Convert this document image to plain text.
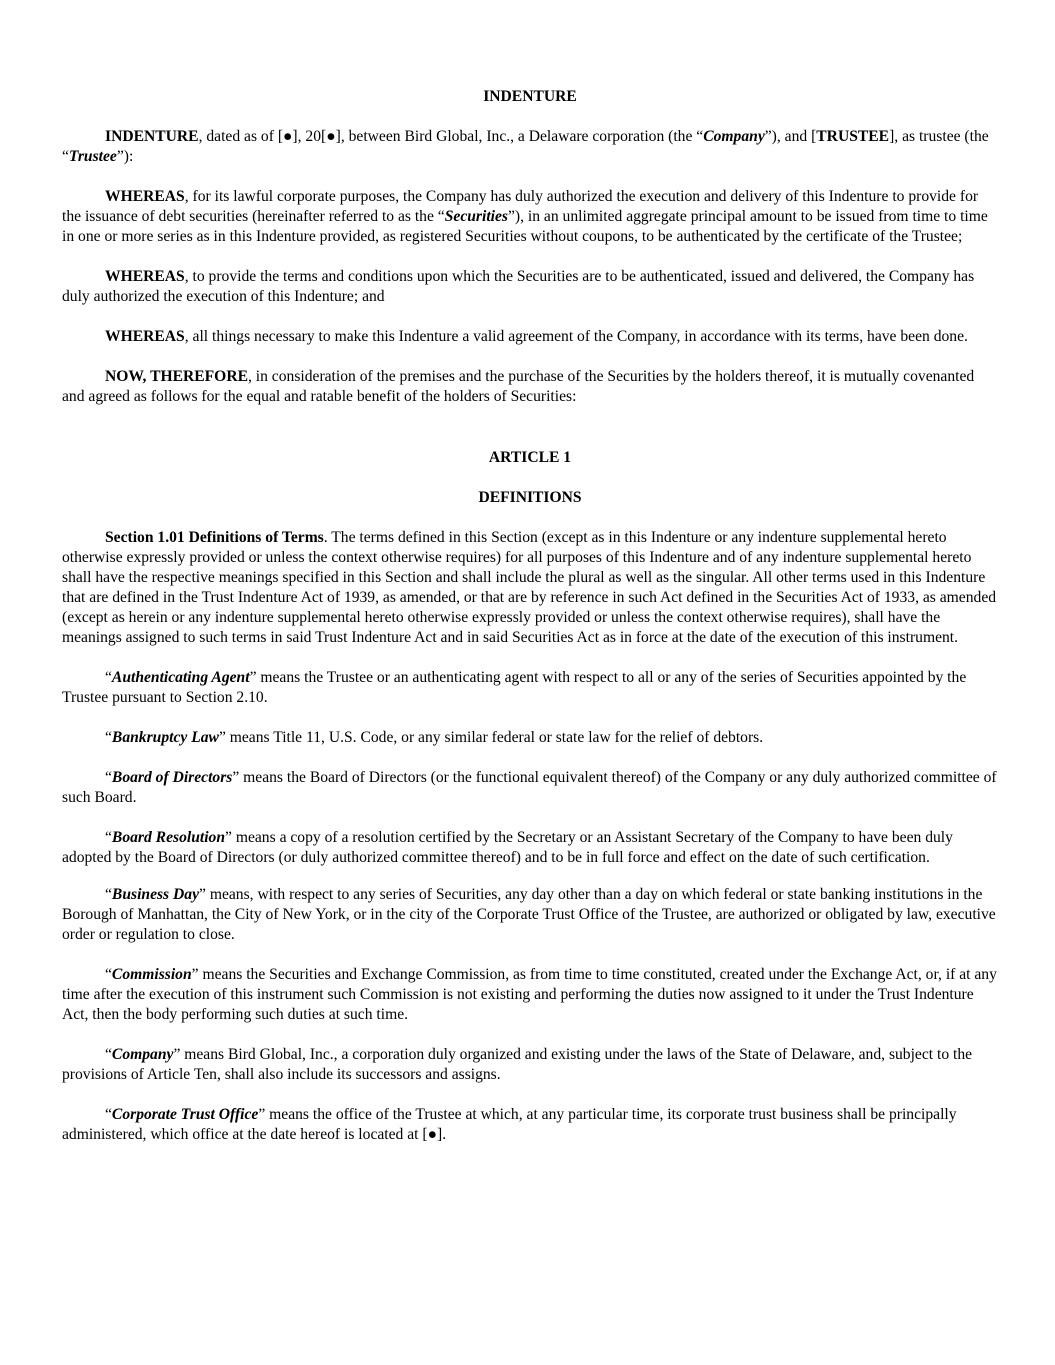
INDENTURE

INDENTURE, dated as of [●], 20[●], between Bird Global, Inc., a Delaware corporation (the “Company”), and [TRUSTEE], as trustee (the “Trustee”):

WHEREAS, for its lawful corporate purposes, the Company has duly authorized the execution and delivery of this Indenture to provide for the issuance of debt securities (hereinafter referred to as the “Securities”), in an unlimited aggregate principal amount to be issued from time to time in one or more series as in this Indenture provided, as registered Securities without coupons, to be authenticated by the certificate of the Trustee;

WHEREAS, to provide the terms and conditions upon which the Securities are to be authenticated, issued and delivered, the Company has duly authorized the execution of this Indenture; and

WHEREAS, all things necessary to make this Indenture a valid agreement of the Company, in accordance with its terms, have been done.

NOW, THEREFORE, in consideration of the premises and the purchase of the Securities by the holders thereof, it is mutually covenanted and agreed as follows for the equal and ratable benefit of the holders of Securities:

ARTICLE 1

DEFINITIONS

Section 1.01 Definitions of Terms. The terms defined in this Section (except as in this Indenture or any indenture supplemental hereto otherwise expressly provided or unless the context otherwise requires) for all purposes of this Indenture and of any indenture supplemental hereto shall have the respective meanings specified in this Section and shall include the plural as well as the singular. All other terms used in this Indenture that are defined in the Trust Indenture Act of 1939, as amended, or that are by reference in such Act defined in the Securities Act of 1933, as amended (except as herein or any indenture supplemental hereto otherwise expressly provided or unless the context otherwise requires), shall have the meanings assigned to such terms in said Trust Indenture Act and in said Securities Act as in force at the date of the execution of this instrument.

“Authenticating Agent” means the Trustee or an authenticating agent with respect to all or any of the series of Securities appointed by the Trustee pursuant to Section 2.10.

“Bankruptcy Law” means Title 11, U.S. Code, or any similar federal or state law for the relief of debtors.

“Board of Directors” means the Board of Directors (or the functional equivalent thereof) of the Company or any duly authorized committee of such Board.

“Board Resolution” means a copy of a resolution certified by the Secretary or an Assistant Secretary of the Company to have been duly adopted by the Board of Directors (or duly authorized committee thereof) and to be in full force and effect on the date of such certification.

“Business Day” means, with respect to any series of Securities, any day other than a day on which federal or state banking institutions in the Borough of Manhattan, the City of New York, or in the city of the Corporate Trust Office of the Trustee, are authorized or obligated by law, executive order or regulation to close.

“Commission” means the Securities and Exchange Commission, as from time to time constituted, created under the Exchange Act, or, if at any time after the execution of this instrument such Commission is not existing and performing the duties now assigned to it under the Trust Indenture Act, then the body performing such duties at such time.

“Company” means Bird Global, Inc., a corporation duly organized and existing under the laws of the State of Delaware, and, subject to the provisions of Article Ten, shall also include its successors and assigns.

“Corporate Trust Office” means the office of the Trustee at which, at any particular time, its corporate trust business shall be principally administered, which office at the date hereof is located at [●].
